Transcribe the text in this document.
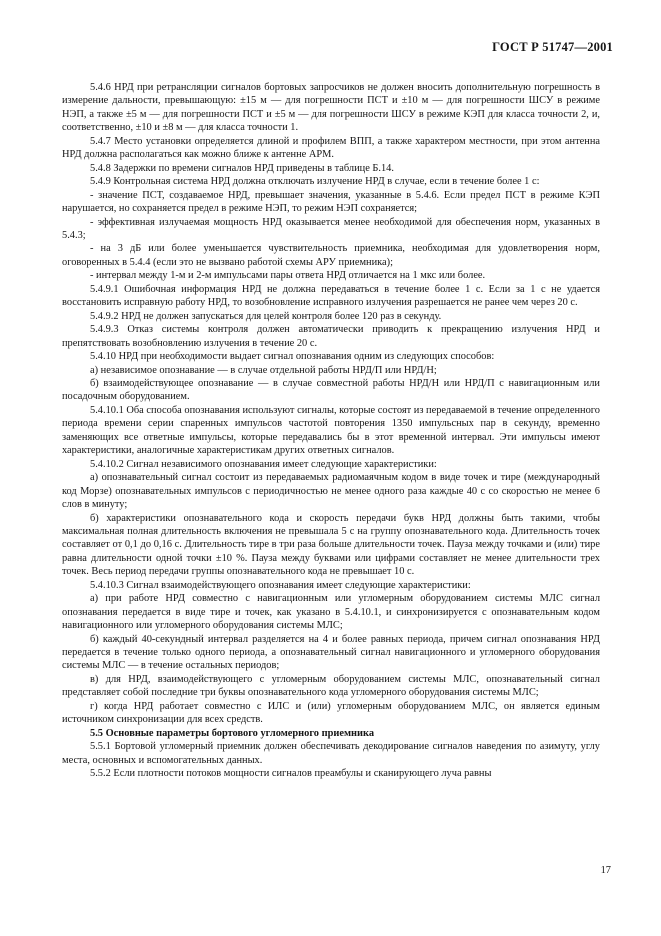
ГОСТ Р 51747—2001

5.4.6 НРД при ретрансляции сигналов бортовых запросчиков не должен вносить дополнительную погрешность в измерение дальности, превышающую: ±15 м — для погрешности ПСТ и ±10 м — для погрешности ШСУ в режиме НЭП, а также ±5 м — для погрешности ПСТ и ±5 м — для погрешности ШСУ в режиме КЭП для класса точности 2, и, соответственно, ±10 и ±8 м — для класса точности 1.

5.4.7 Место установки определяется длиной и профилем ВПП, а также характером местности, при этом антенна НРД должна располагаться как можно ближе к антенне АРМ.

5.4.8 Задержки по времени сигналов НРД приведены в таблице Б.14.

5.4.9 Контрольная система НРД должна отключать излучение НРД в случае, если в течение более 1 с:

- значение ПСТ, создаваемое НРД, превышает значения, указанные в 5.4.6. Если предел ПСТ в режиме КЭП нарушается, но сохраняется предел в режиме НЭП, то режим НЭП сохраняется;

- эффективная излучаемая мощность НРД оказывается менее необходимой для обеспечения норм, указанных в 5.4.3;

- на 3 дБ или более уменьшается чувствительность приемника, необходимая для удовлетворения норм, оговоренных в 5.4.4 (если это не вызвано работой схемы АРУ приемника);

- интервал между 1-м и 2-м импульсами пары ответа НРД отличается на 1 мкс или более.

5.4.9.1 Ошибочная информация НРД не должна передаваться в течение более 1 с. Если за 1 с не удается восстановить исправную работу НРД, то возобновление исправного излучения разрешается не ранее чем через 20 с.

5.4.9.2 НРД не должен запускаться для целей контроля более 120 раз в секунду.

5.4.9.3 Отказ системы контроля должен автоматически приводить к прекращению излучения НРД и препятствовать возобновлению излучения в течение 20 с.

5.4.10 НРД при необходимости выдает сигнал опознавания одним из следующих способов:

а) независимое опознавание — в случае отдельной работы НРД/П или НРД/Н;

б) взаимодействующее опознавание — в случае совместной работы НРД/Н или НРД/П с навигационным или посадочным оборудованием.

5.4.10.1 Оба способа опознавания используют сигналы, которые состоят из передаваемой в течение определенного периода времени серии спаренных импульсов частотой повторения 1350 импульсных пар в секунду, временно заменяющих все ответные импульсы, которые передавались бы в этот временной интервал. Эти импульсы имеют характеристики, аналогичные характеристикам других ответных сигналов.

5.4.10.2 Сигнал независимого опознавания имеет следующие характеристики:

а) опознавательный сигнал состоит из передаваемых радиомаячным кодом в виде точек и тире (международный код Морзе) опознавательных импульсов с периодичностью не менее одного раза каждые 40 с со скоростью не менее 6 слов в минуту;

б) характеристики опознавательного кода и скорость передачи букв НРД должны быть такими, чтобы максимальная полная длительность включения не превышала 5 с на группу опознавательного кода. Длительность точек составляет от 0,1 до 0,16 с. Длительность тире в три раза больше длительности точек. Пауза между точками и (или) тире равна длительности одной точки ±10 %. Пауза между буквами или цифрами составляет не менее длительности трех точек. Весь период передачи группы опознавательного кода не превышает 10 с.

5.4.10.3 Сигнал взаимодействующего опознавания имеет следующие характеристики:

а) при работе НРД совместно с навигационным или угломерным оборудованием системы МЛС сигнал опознавания передается в виде тире и точек, как указано в 5.4.10.1, и синхронизируется с опознавательным кодом навигационного или угломерного оборудования системы МЛС;

б) каждый 40-секундный интервал разделяется на 4 и более равных периода, причем сигнал опознавания НРД передается в течение только одного периода, а опознавательный сигнал навигационного и угломерного оборудования системы МЛС — в течение остальных периодов;

в) для НРД, взаимодействующего с угломерным оборудованием системы МЛС, опознавательный сигнал представляет собой последние три буквы опознавательного кода угломерного оборудования системы МЛС;

г) когда НРД работает совместно с ИЛС и (или) угломерным оборудованием МЛС, он является единым источником синхронизации для всех средств.

5.5 Основные параметры бортового угломерного приемника

5.5.1 Бортовой угломерный приемник должен обеспечивать декодирование сигналов наведения по азимуту, углу места, основных и вспомогательных данных.

5.5.2 Если плотности потоков мощности сигналов преамбулы и сканирующего луча равны

17
